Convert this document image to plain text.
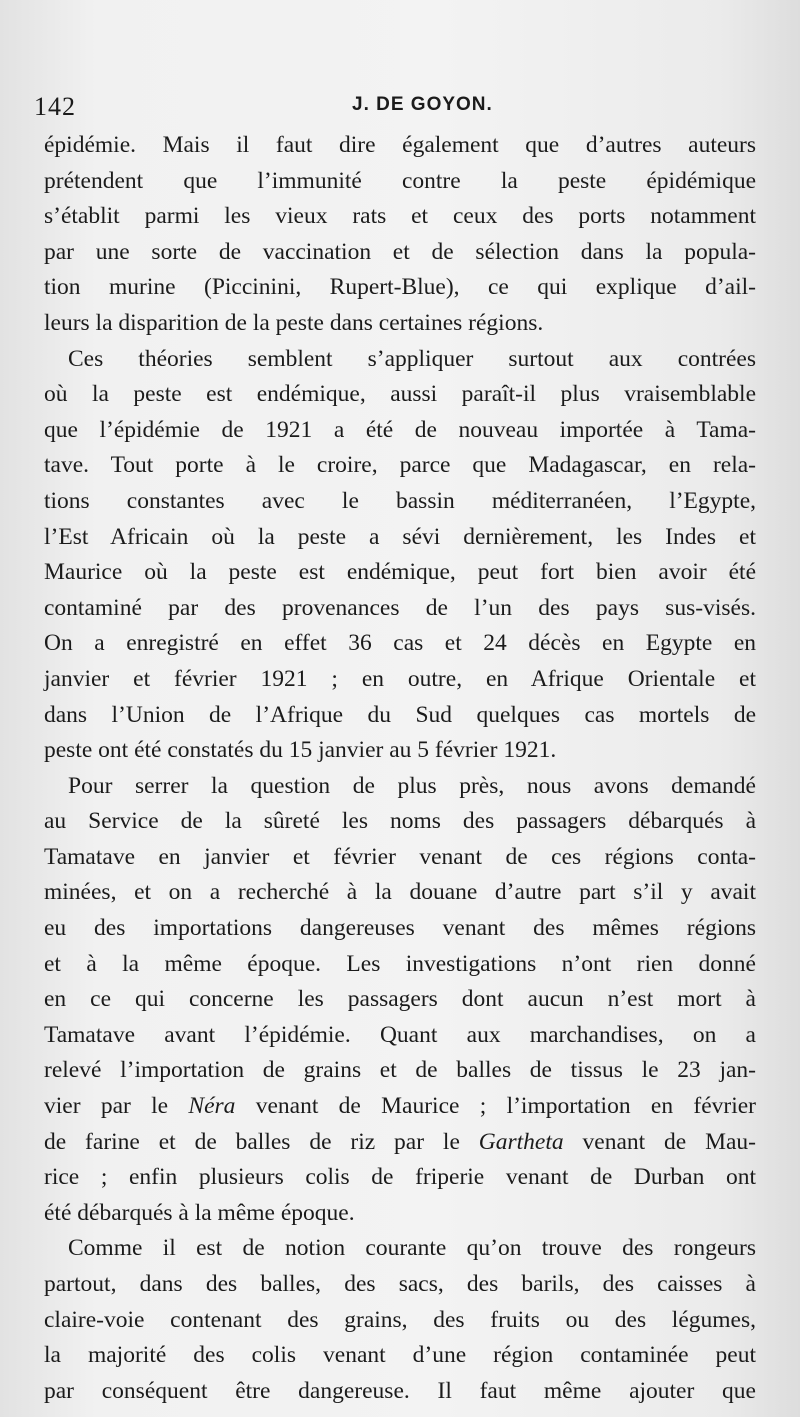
142	J. DE GOYON.
épidémie. Mais il faut dire également que d’autres auteurs
prétendent que l’immunité contre la peste épidémique
s’établit parmi les vieux rats et ceux des ports notamment
par une sorte de vaccination et de sélection dans la popula-
tion murine (Piccinini, Rupert-Blue), ce qui explique d’ail-
leurs la disparition de la peste dans certaines régions.
Ces théories semblent s’appliquer surtout aux contrées
où la peste est endémique, aussi paraît-il plus vraisemblable
que l’épidémie de 1921 a été de nouveau importée à Tama-
tave. Tout porte à le croire, parce que Madagascar, en rela-
tions constantes avec le bassin méditerranéen, l’Egypte,
l’Est Africain où la peste a sévi dernièrement, les Indes et
Maurice où la peste est endémique, peut fort bien avoir été
contaminé par des provenances de l’un des pays sus-visés.
On a enregistré en effet 36 cas et 24 décès en Egypte en
janvier et février 1921 ; en outre, en Afrique Orientale et
dans l’Union de l’Afrique du Sud quelques cas mortels de
peste ont été constatés du 15 janvier au 5 février 1921.
Pour serrer la question de plus près, nous avons demandé
au Service de la sûreté les noms des passagers débarqués à
Tamatave en janvier et février venant de ces régions conta-
minées, et on a recherché à la douane d’autre part s’il y avait
eu des importations dangereuses venant des mêmes régions
et à la même époque. Les investigations n’ont rien donné
en ce qui concerne les passagers dont aucun n’est mort à
Tamatave avant l’épidémie. Quant aux marchandises, on a
relevé l’importation de grains et de balles de tissus le 23 jan-
vier par le Néra venant de Maurice ; l’importation en février
de farine et de balles de riz par le Gartheta venant de Mau-
rice ; enfin plusieurs colis de friperie venant de Durban ont
été débarqués à la même époque.
Comme il est de notion courante qu’on trouve des rongeurs
partout, dans des balles, des sacs, des barils, des caisses à
claire-voie contenant des grains, des fruits ou des légumes,
la majorité des colis venant d’une région contaminée peut
par conséquent être dangereuse. Il faut même ajouter que
